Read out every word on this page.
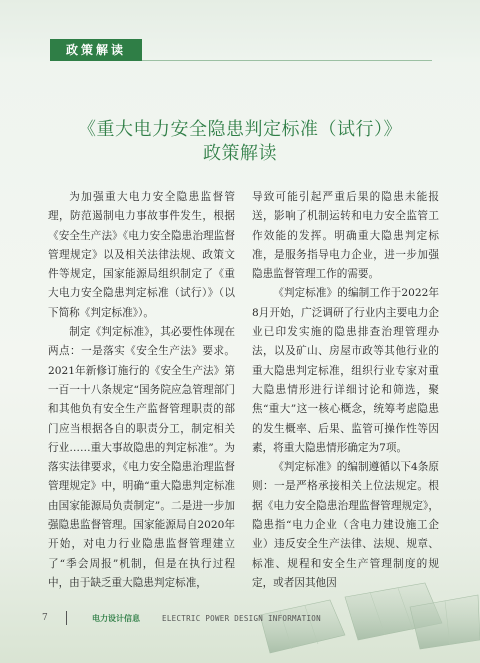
政策解读
《重大电力安全隐患判定标准（试行）》
政策解读

为加强重大电力安全隐患监督管理，防范遏制电力事故事件发生，根据《安全生产法》《电力安全隐患治理监督管理规定》以及相关法律法规、政策文件等规定，国家能源局组织制定了《重大电力安全隐患判定标准（试行）》（以下简称《判定标准》）。

制定《判定标准》，其必要性体现在两点：一是落实《安全生产法》要求。2021年新修订施行的《安全生产法》第一百一十八条规定“国务院应急管理部门和其他负有安全生产监督管理职责的部门应当根据各自的职责分工，制定相关行业……重大事故隐患的判定标准”。为落实法律要求，《电力安全隐患治理监督管理规定》中，明确“重大隐患判定标准由国家能源局负责制定”。二是进一步加强隐患监督管理。国家能源局自2020年开始，对电力行业隐患监督管理建立了“季会周报”机制，但是在执行过程中，由于缺乏重大隐患判定标准，

导致可能引起严重后果的隐患未能报送，影响了机制运转和电力安全监管工作效能的发挥。明确重大隐患判定标准，是服务指导电力企业，进一步加强隐患监督管理工作的需要。

《判定标准》的编制工作于2022年8月开始，广泛调研了行业内主要电力企业已印发实施的隐患排查治理管理办法，以及矿山、房屋市政等其他行业的重大隐患判定标准，组织行业专家对重大隐患情形进行详细讨论和筛选，聚焦“重大”这一核心概念，统筹考虑隐患的发生概率、后果、监管可操作性等因素，将重大隐患情形确定为7项。

《判定标准》的编制遵循以下4条原则：一是严格承接相关上位法规定。根据《电力安全隐患治理监督管理规定》，隐患指“电力企业（含电力建设施工企业）违反安全生产法律、法规、规章、标准、规程和安全生产管理制度的规定，或者因其他因

7	电力设计信息	ELECTRIC POWER DESIGN INFORMATION
